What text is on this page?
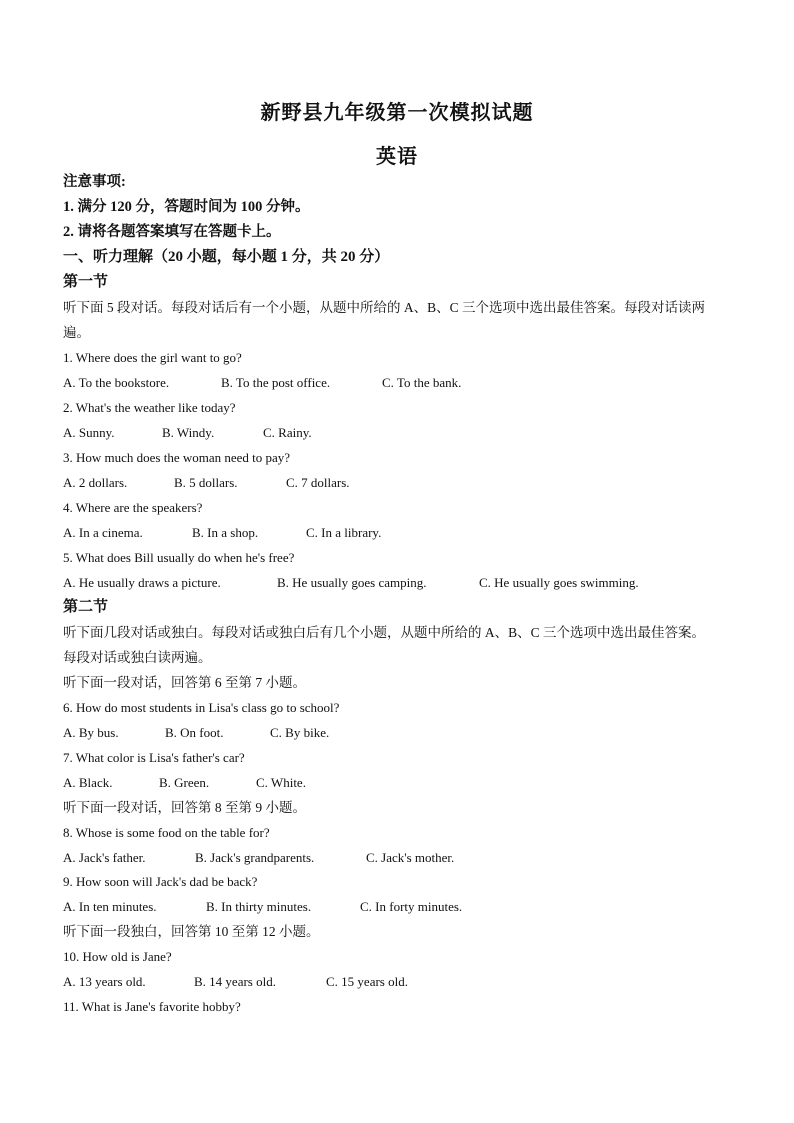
新野县九年级第一次模拟试题
英语
注意事项:
1. 满分 120 分，答题时间为 100 分钟。
2. 请将各题答案填写在答题卡上。
一、听力理解（20 小题，每小题 1 分，共 20 分）
第一节
听下面 5 段对话。每段对话后有一个小题，从题中所给的 A、B、C 三个选项中选出最佳答案。每段对话读两
遍。
1. Where does the girl want to go?
A. To the bookstore.	B. To the post office.	C. To the bank.
2. What's the weather like today?
A. Sunny.	B. Windy.	C. Rainy.
3. How much does the woman need to pay?
A. 2 dollars.	B. 5 dollars.	C. 7 dollars.
4. Where are the speakers?
A. In a cinema.	B. In a shop.	C. In a library.
5. What does Bill usually do when he's free?
A. He usually draws a picture.	B. He usually goes camping.	C. He usually goes swimming.
第二节
听下面几段对话或独白。每段对话或独白后有几个小题，从题中所给的 A、B、C 三个选项中选出最佳答案。
每段对话或独白读两遍。
听下面一段对话，回答第 6 至第 7 小题。
6. How do most students in Lisa's class go to school?
A. By bus.	B. On foot.	C. By bike.
7. What color is Lisa's father's car?
A. Black.	B. Green.	C. White.
听下面一段对话，回答第 8 至第 9 小题。
8. Whose is some food on the table for?
A. Jack's father.	B. Jack's grandparents.	C. Jack's mother.
9. How soon will Jack's dad be back?
A. In ten minutes.	B. In thirty minutes.	C. In forty minutes.
听下面一段独白，回答第 10 至第 12 小题。
10. How old is Jane?
A. 13 years old.	B. 14 years old.	C. 15 years old.
11. What is Jane's favorite hobby?
